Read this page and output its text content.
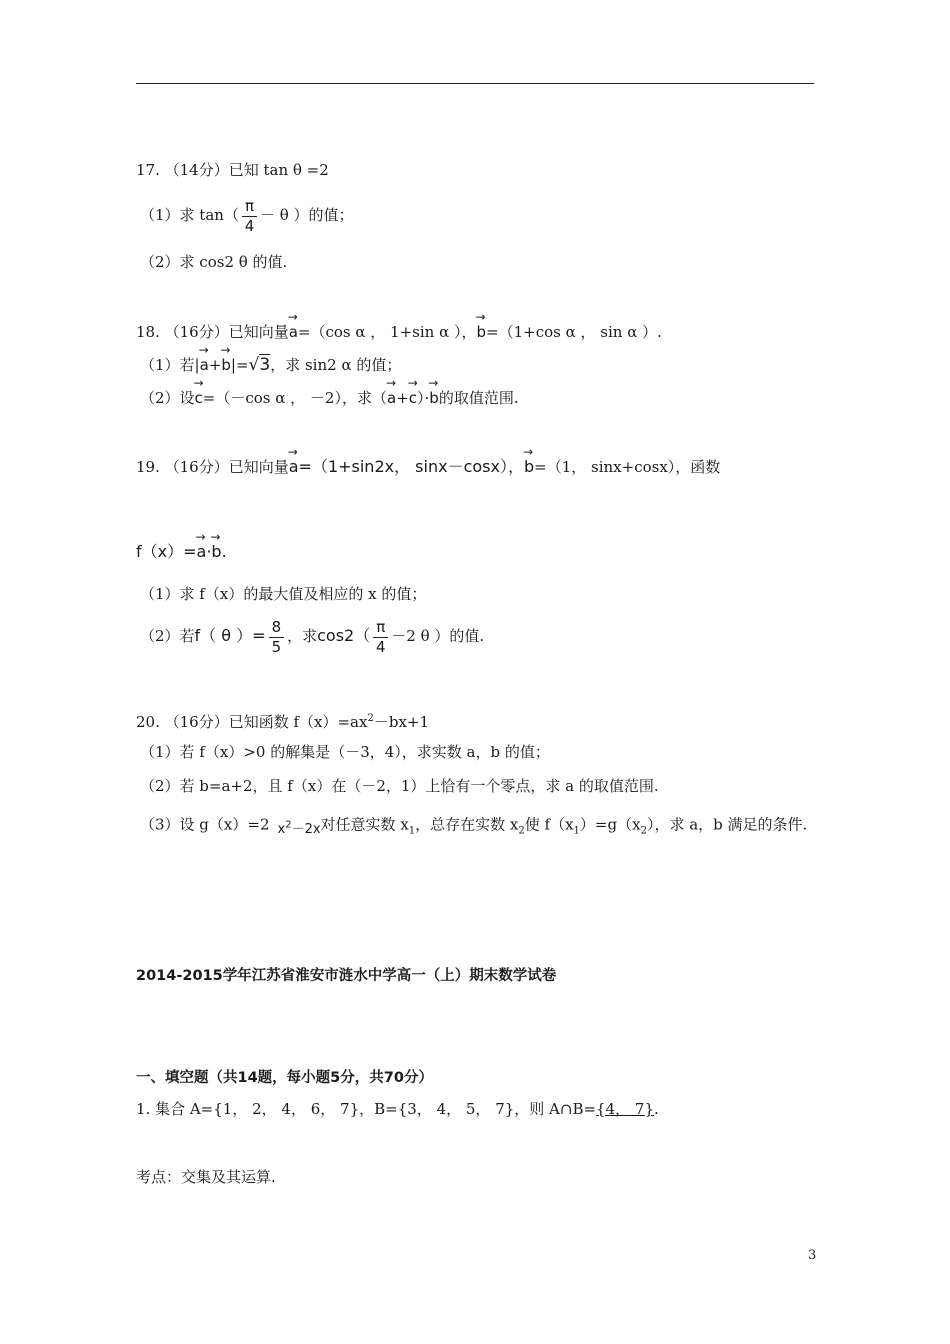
17. （14分）已知 tan θ =2
（1）求 $\tan( \frac{\pi}{4} - \theta$ ）的值；
（2）求 cos2 θ 的值.
18. （16分）已知向量→ a=（cos α ， 1+sin α ），→ b=（1+cos α ， sin α ）.
（1）若|→ a+→ b|=√3，求 sin2 α 的值；
（2）设→ c=（－cos α ， －2），求（→ a+→ c）·→ b的取值范围.
19. （16分）已知向量→ a=（1+sin2x， sinx－cosx），→ b=（1， sinx+cosx），函数
f（x）=→ a·→ b.
（1）求 f（x）的最大值及相应的 x 的值；
（2）若f（ θ ）= $\frac{8}{5}$ ，求$\cos 2( \frac{\pi}{4} -2$ θ ）的值.
20. （16分）已知函数 $f(x)=ax^2-bx+1$
（1）若 f（x）>0 的解集是（－3，4），求实数 a，b 的值；
（2）若 b=a+2，且 f（x）在（－2，1）上恰有一个零点，求 a 的取值范围.
（3）设 g（x）=2 $x^2-2x$对任意实数 $x_1$，总存在实数 $x_2$使 $f(x_1)=g(x_2)$，求 a，b 满足的条件.
2014-2015学年江苏省淮安市涟水中学高一（上）期末数学试卷
一、填空题（共14题，每小题5分，共70分）
1. 集合 A={1， 2， 4， 6， 7}，B={3， 4， 5， 7}，则 A∩B={4， 7}.
考点：交集及其运算.
3
